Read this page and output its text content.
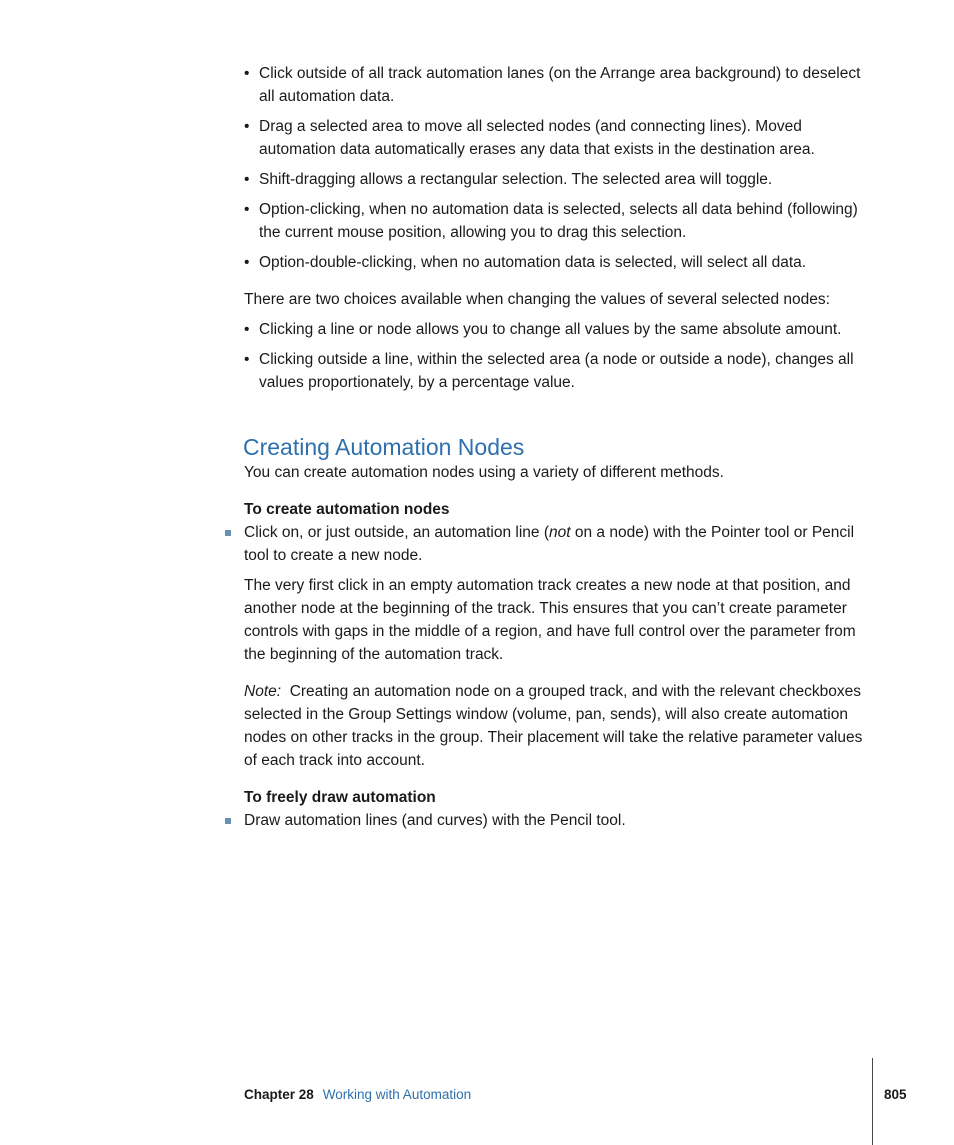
• Click outside of all track automation lanes (on the Arrange area background) to deselect all automation data.
• Drag a selected area to move all selected nodes (and connecting lines). Moved automation data automatically erases any data that exists in the destination area.
• Shift-dragging allows a rectangular selection. The selected area will toggle.
• Option-clicking, when no automation data is selected, selects all data behind (following) the current mouse position, allowing you to drag this selection.
• Option-double-clicking, when no automation data is selected, will select all data.

There are two choices available when changing the values of several selected nodes:

• Clicking a line or node allows you to change all values by the same absolute amount.
• Clicking outside a line, within the selected area (a node or outside a node), changes all values proportionately, by a percentage value.
Creating Automation Nodes

You can create automation nodes using a variety of different methods.

To create automation nodes
Click on, or just outside, an automation line (not on a node) with the Pointer tool or Pencil tool to create a new node.

The very first click in an empty automation track creates a new node at that position, and another node at the beginning of the track. This ensures that you can’t create parameter controls with gaps in the middle of a region, and have full control over the parameter from the beginning of the automation track.

Note: Creating an automation node on a grouped track, and with the relevant checkboxes selected in the Group Settings window (volume, pan, sends), will also create automation nodes on other tracks in the group. Their placement will take the relative parameter values of each track into account.

To freely draw automation
Draw automation lines (and curves) with the Pencil tool.
Chapter 28 Working with Automation	805
